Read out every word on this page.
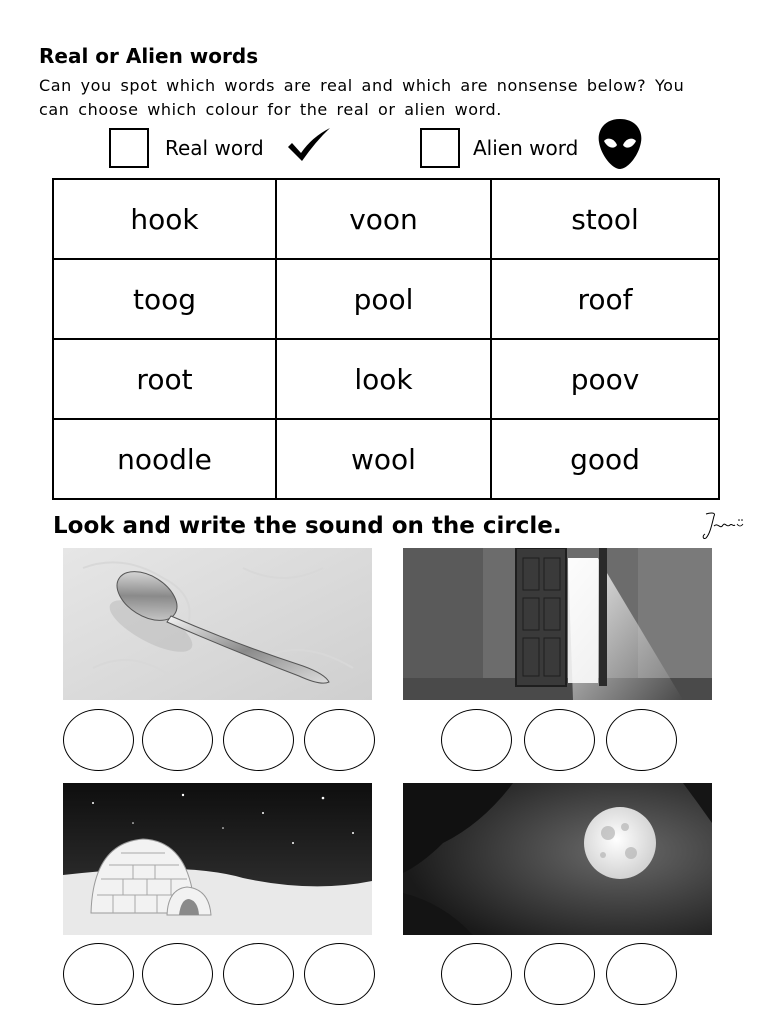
Real or Alien words
Can you spot which words are real and which are nonsense below? You can choose which colour for the real or alien word.
Real word	Alien word
hook	voon	stool
toog	pool	roof
root	look	poov
noodle	wool	good
Look and write the sound on the circle.
